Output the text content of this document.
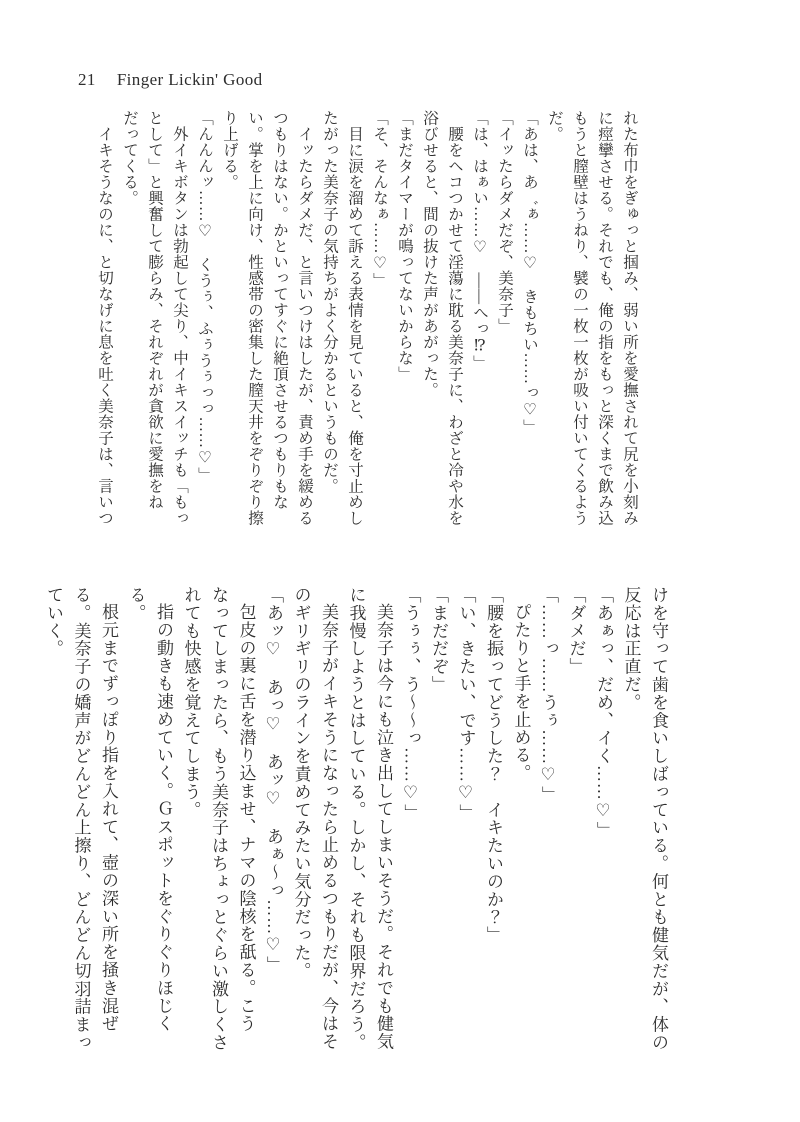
21 Finger Lickin' Good

れた布巾をぎゅっと掴み、弱い所を愛撫されて尻を小刻みに痙攣させる。それでも、俺の指をもっと深くまで飲み込もうと膣壁はうねり、襞の一枚一枚が吸い付いてくるようだ。

「あは、あ゛ぁ……♡　きもちい……っ♡」

「イッたらダメだぞ、美奈子」

「は、はぁい……♡　――へっ⁉」

腰をヘコつかせて淫蕩に耽る美奈子に、わざと冷や水を浴びせると、間の抜けた声があがった。

「まだタイマーが鳴ってないからな」

「そ、そんなぁ……♡」

目に涙を溜めて訴える表情を見ていると、俺を寸止めしたがった美奈子の気持ちがよく分かるというものだ。

イッたらダメだ、と言いつけはしたが、責め手を緩めるつもりはない。かといってすぐに絶頂させるつもりもない。掌を上に向け、性感帯の密集した膣天井をぞりぞり擦り上げる。

「んんんッ……♡　くうぅ、ふぅうぅっっ……♡」

外イキボタンは勃起して尖り、中イキスイッチも「もっとして」と興奮して膨らみ、それぞれが貪欲に愛撫をねだってくる。

イキそうなのに、と切なげに息を吐く美奈子は、言いつ

けを守って歯を食いしばっている。何とも健気だが、体の反応は正直だ。

「あぁっ、だめ、イく……♡」

「ダメだ」

「……っ……うぅ……♡」

ぴたりと手を止める。

「腰を振ってどうした？　イキたいのか？」

「い、きたい、です……♡」

「まだだぞ」

「うぅぅ、う〜〜っ……♡」

美奈子は今にも泣き出してしまいそうだ。それでも健気に我慢しようとはしている。しかし、それも限界だろう。

美奈子がイキそうになったら止めるつもりだが、今はそのギリギリのラインを責めてみたい気分だった。

「あッ♡　あっ♡　あッ♡　あぁ〜っ……♡」

包皮の裏に舌を潜り込ませ、ナマの陰核を舐る。こうなってしまったら、もう美奈子はちょっとぐらい激しくされても快感を覚えてしまう。

指の動きも速めていく。Ｇスポットをぐりぐりほじくる。

根元までずっぽり指を入れて、壺の深い所を掻き混ぜる。美奈子の嬌声がどんどん上擦り、どんどん切羽詰まっていく。
